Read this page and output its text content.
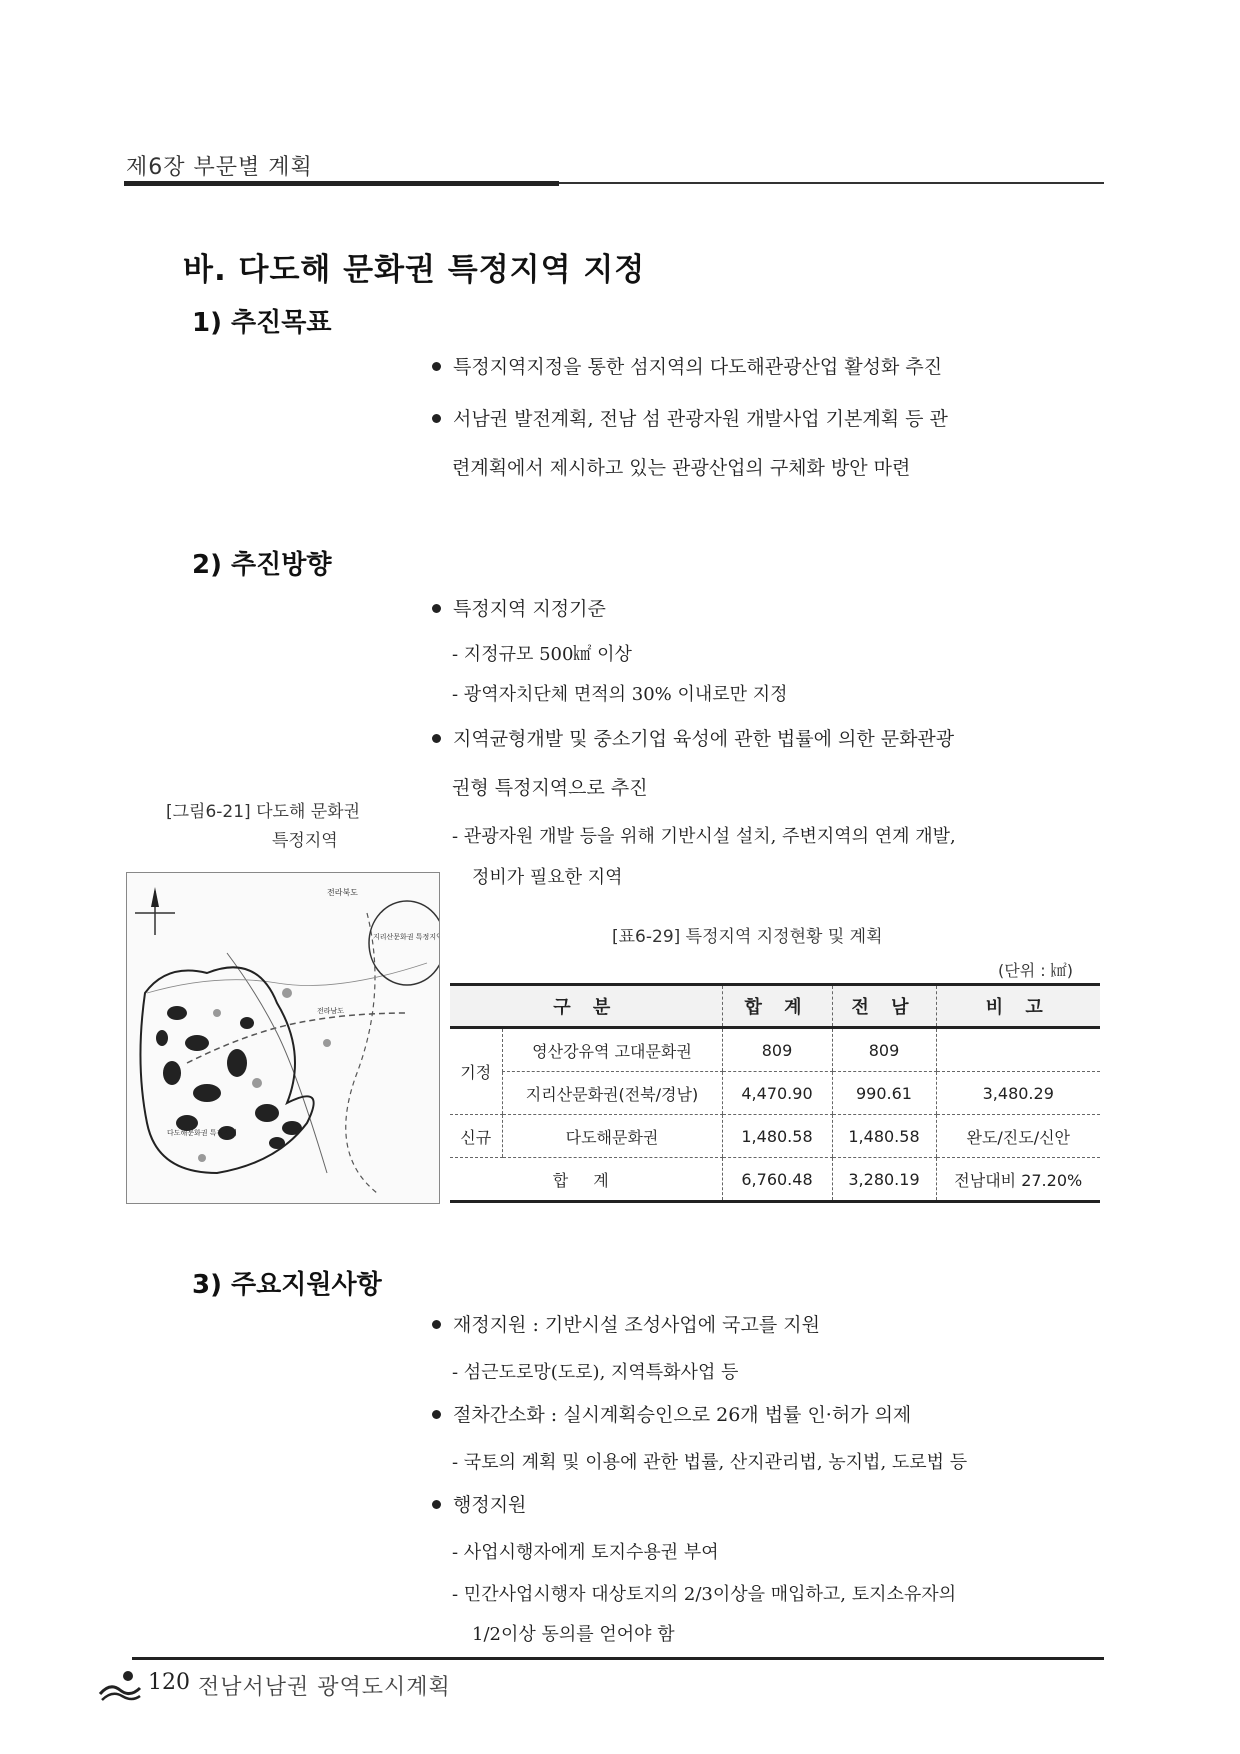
제6장 부문별 계획
바. 다도해 문화권 특정지역 지정
1) 추진목표
특정지역지정을 통한 섬지역의 다도해관광산업 활성화 추진
서남권 발전계획, 전남 섬 관광자원 개발사업 기본계획 등 관
련계획에서 제시하고 있는 관광산업의 구체화 방안 마련
2) 추진방향
특정지역 지정기준
- 지정규모 500㎢ 이상
- 광역자치단체 면적의 30% 이내로만 지정
지역균형개발 및 중소기업 육성에 관한 법률에 의한 문화관광
권형 특정지역으로 추진
- 관광자원 개발 등을 위해 기반시설 설치, 주변지역의 연계 개발,
정비가 필요한 지역
[그림6-21] 다도해 문화권
특정지역
전라북도
지리산문화권 특정지역
전라남도
다도해문화권 특정지역
[표6-29] 특정지역 지정현황 및 계획
(단위 : ㎢)
구 분		합 계	전 남	비 고
기정	영산강유역 고대문화권	809	809	
	지리산문화권(전북/경남)	4,470.90	990.61	3,480.29
신규	다도해문화권	1,480.58	1,480.58	완도/진도/신안
합 계		6,760.48	3,280.19	전남대비 27.20%
3) 주요지원사항
재정지원 : 기반시설 조성사업에 국고를 지원
- 섬근도로망(도로), 지역특화사업 등
절차간소화 : 실시계획승인으로 26개 법률 인·허가 의제
- 국토의 계획 및 이용에 관한 법률, 산지관리법, 농지법, 도로법 등
행정지원
- 사업시행자에게 토지수용권 부여
- 민간사업시행자 대상토지의 2/3이상을 매입하고, 토지소유자의
1/2이상 동의를 얻어야 함
120 전남서남권 광역도시계획
